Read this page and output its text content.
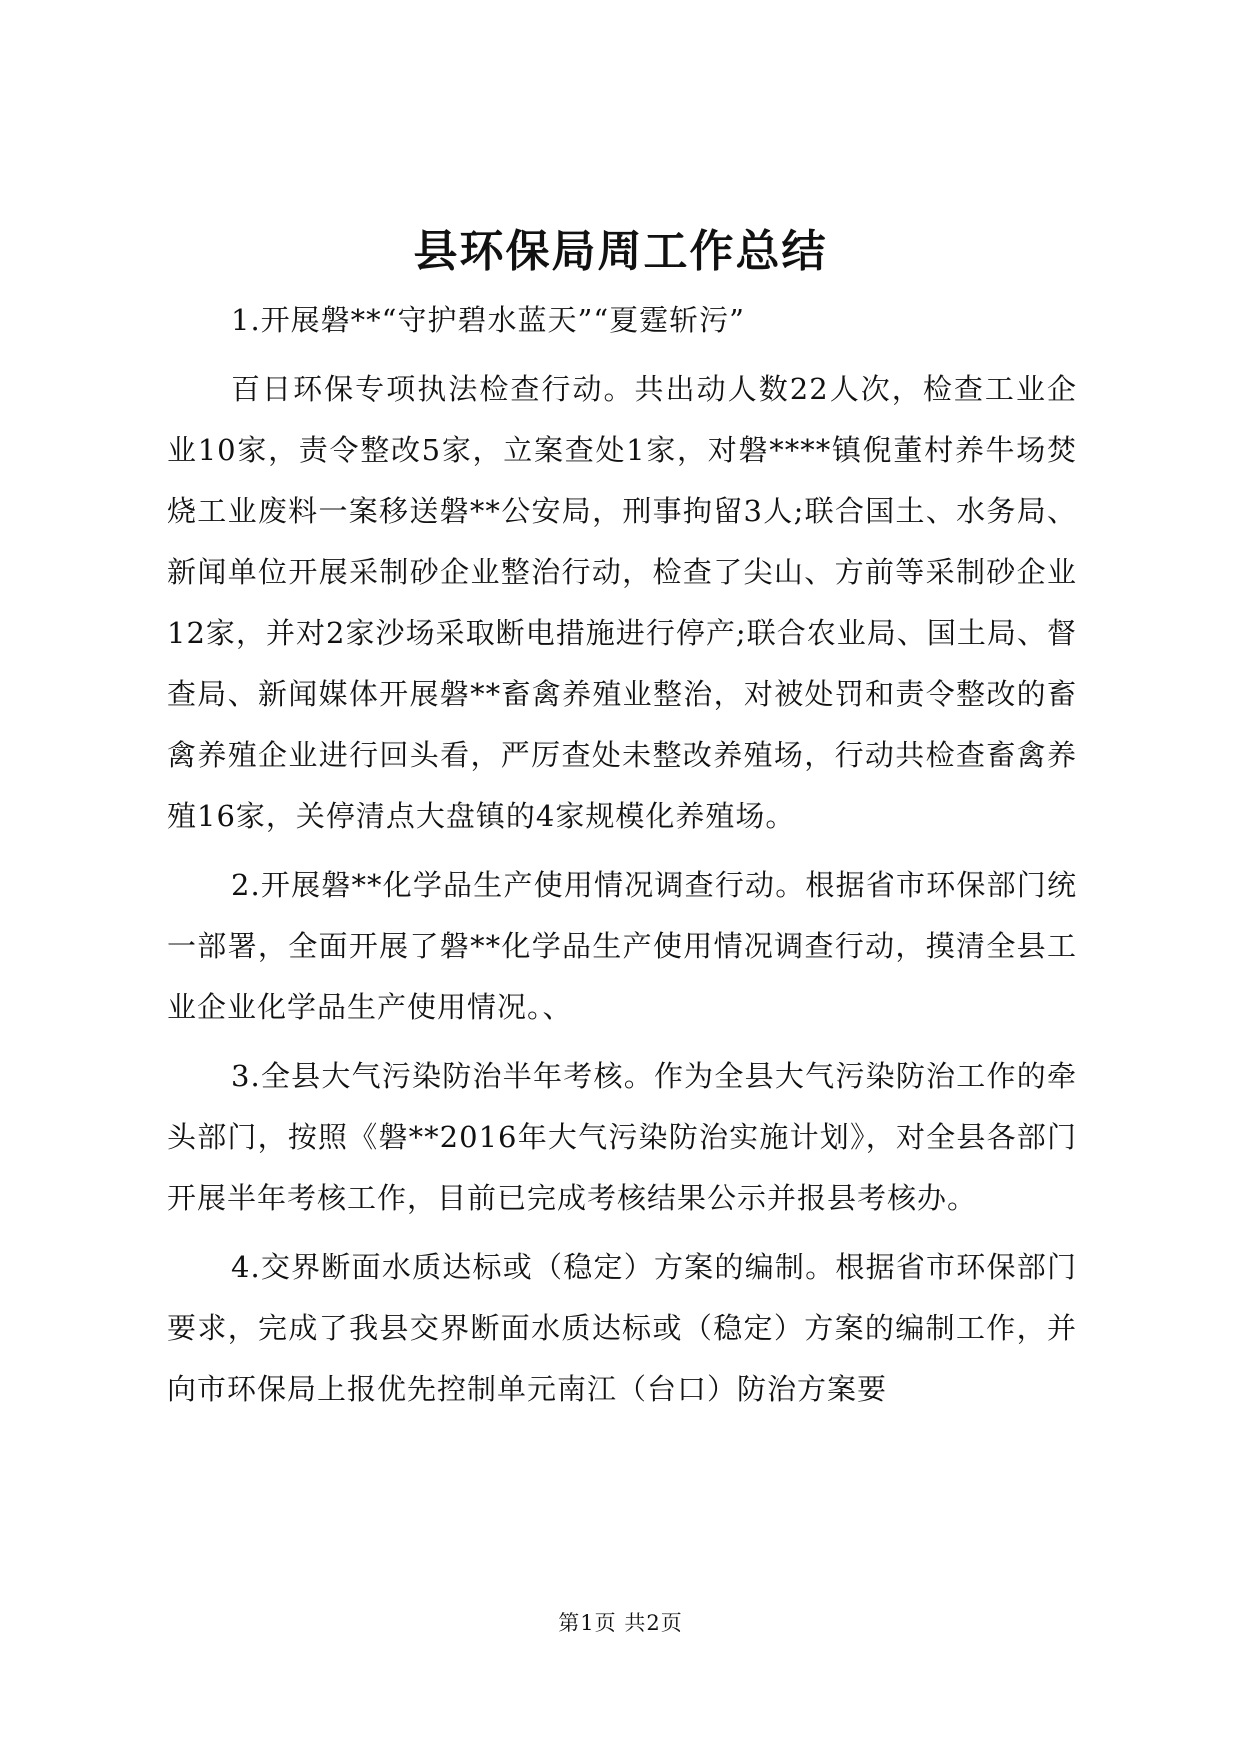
县环保局周工作总结

1.开展磐**“守护碧水蓝天”“夏霆斩污”

百日环保专项执法检查行动。共出动人数22人次，检查工业企业10家，责令整改5家，立案查处1家，对磐****镇倪董村养牛场焚烧工业废料一案移送磐**公安局，刑事拘留3人;联合国土、水务局、新闻单位开展采制砂企业整治行动，检查了尖山、方前等采制砂企业12家，并对2家沙场采取断电措施进行停产;联合农业局、国土局、督查局、新闻媒体开展磐**畜禽养殖业整治，对被处罚和责令整改的畜禽养殖企业进行回头看，严厉查处未整改养殖场，行动共检查畜禽养殖16家，关停清点大盘镇的4家规模化养殖场。

2.开展磐**化学品生产使用情况调查行动。根据省市环保部门统一部署，全面开展了磐**化学品生产使用情况调查行动，摸清全县工业企业化学品生产使用情况。、

3.全县大气污染防治半年考核。作为全县大气污染防治工作的牵头部门，按照《磐**2016年大气污染防治实施计划》，对全县各部门开展半年考核工作，目前已完成考核结果公示并报县考核办。

4.交界断面水质达标或（稳定）方案的编制。根据省市环保部门要求，完成了我县交界断面水质达标或（稳定）方案的编制工作，并向市环保局上报优先控制单元南江（台口）防治方案要

第1页 共2页
